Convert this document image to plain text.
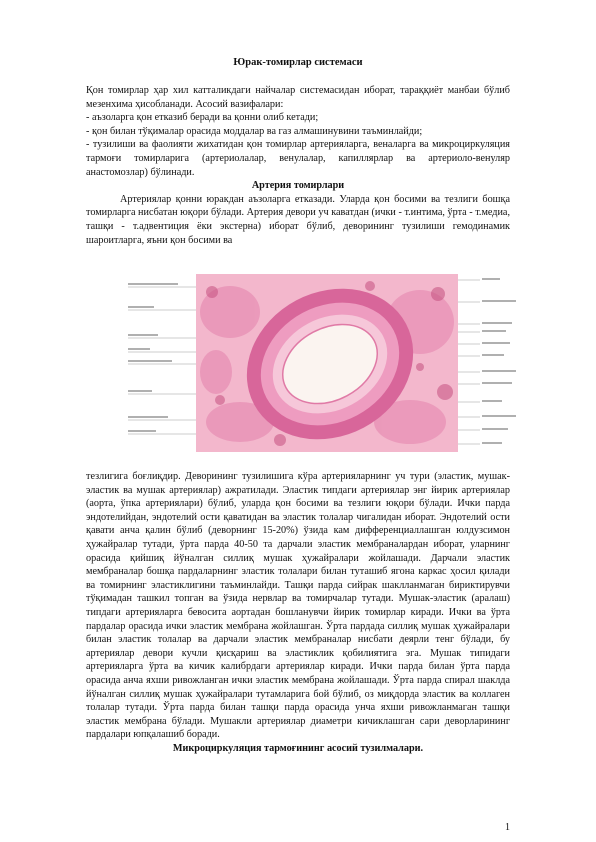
Юрак-томирлар системаси

Қон томирлар ҳар хил катталикдаги найчалар системасидан иборат, тараққиёт манбаи бўлиб мезенхима ҳисобланади. Асосий вазифалари:

- аъзоларга қон етказиб беради ва қонни олиб кетади;

- қон билан тўқималар орасида моддалар ва газ алмашинувини таъминлайди;

- тузилиши ва фаолияти жихатидан қон томирлар артерияларга, веналарга ва микроциркуляция тармоғи томирларига (артериолалар, венулалар, капиллярлар ва артериоло-венуляр анастомозлар) бўлинади.

Артерия томирлари

Артериялар қонни юракдан аъзоларга етказади. Уларда қон босими ва тезлиги бошқа томирларга нисбатан юқори бўлади. Артерия девори уч каватдан (ички - т.интима, ўрта - т.медиа, ташқи - т.адвентиция ёки экстерна) иборат бўлиб, деворининг тузилиши гемодинамик шароитларга, яъни қон босими ва

тезлигига боғлиқдир. Деворининг тузилишига кўра артерияларнинг уч тури (эластик, мушак-эластик ва мушак артериялар) ажратилади. Эластик типдаги артериялар энг йирик артериялар (аорта, ўпка артериялари) бўлиб, уларда қон босими ва тезлиги юқори бўлади. Ички парда эндотелийдан, эндотелий ости қаватидан ва эластик толалар чигалидан иборат. Эндотелий ости қавати анча қалин бўлиб (деворнинг 15-20%) ўзида кам дифференциаллашган юлдузсимон ҳужайралар тутади, ўрта парда 40-50 та дарчали эластик мембраналардан иборат, уларнинг орасида қийшиқ йўналган силлиқ мушак ҳужайралари жойлашади. Дарчали эластик мембраналар бошқа пардаларнинг эластик толалари билан туташиб ягона каркас ҳосил қилади ва томирнинг эластиклигини таъминлайди. Ташқи парда сийрак шаклланмаган бириктирувчи тўқимадан ташкил топган ва ўзида нервлар ва томирчалар тутади. Мушак-эластик (аралаш) типдаги артерияларга бевосита аортадан бошланувчи йирик томирлар киради. Ички ва ўрта пардалар орасида ички эластик мембрана жойлашган. Ўрта пардада силлиқ мушак ҳужайралари билан эластик толалар ва дарчали эластик мембраналар нисбати деярли тенг бўлади, бу артериялар девори кучли қисқариш ва эластиклик қобилиятига эга. Мушак типидаги артерияларга ўрта ва кичик калибрдаги артериялар киради. Ички парда билан ўрта парда орасида анча яхши ривожланган ички эластик мембрана жойлашади. Ўрта парда спирал шаклда йўналган силлиқ мушак ҳужайралари тутамларига бой бўлиб, оз миқдорда эластик ва коллаген толалар тутади. Ўрта парда билан ташқи парда орасида унча яхши ривожланмаган ташқи эластик мембрана бўлади. Мушакли артериялар диаметри кичиклашган сари деворларининг пардалари юпқалашиб боради.

Микроциркуляция тармоғининг асосий тузилмалари.

1
